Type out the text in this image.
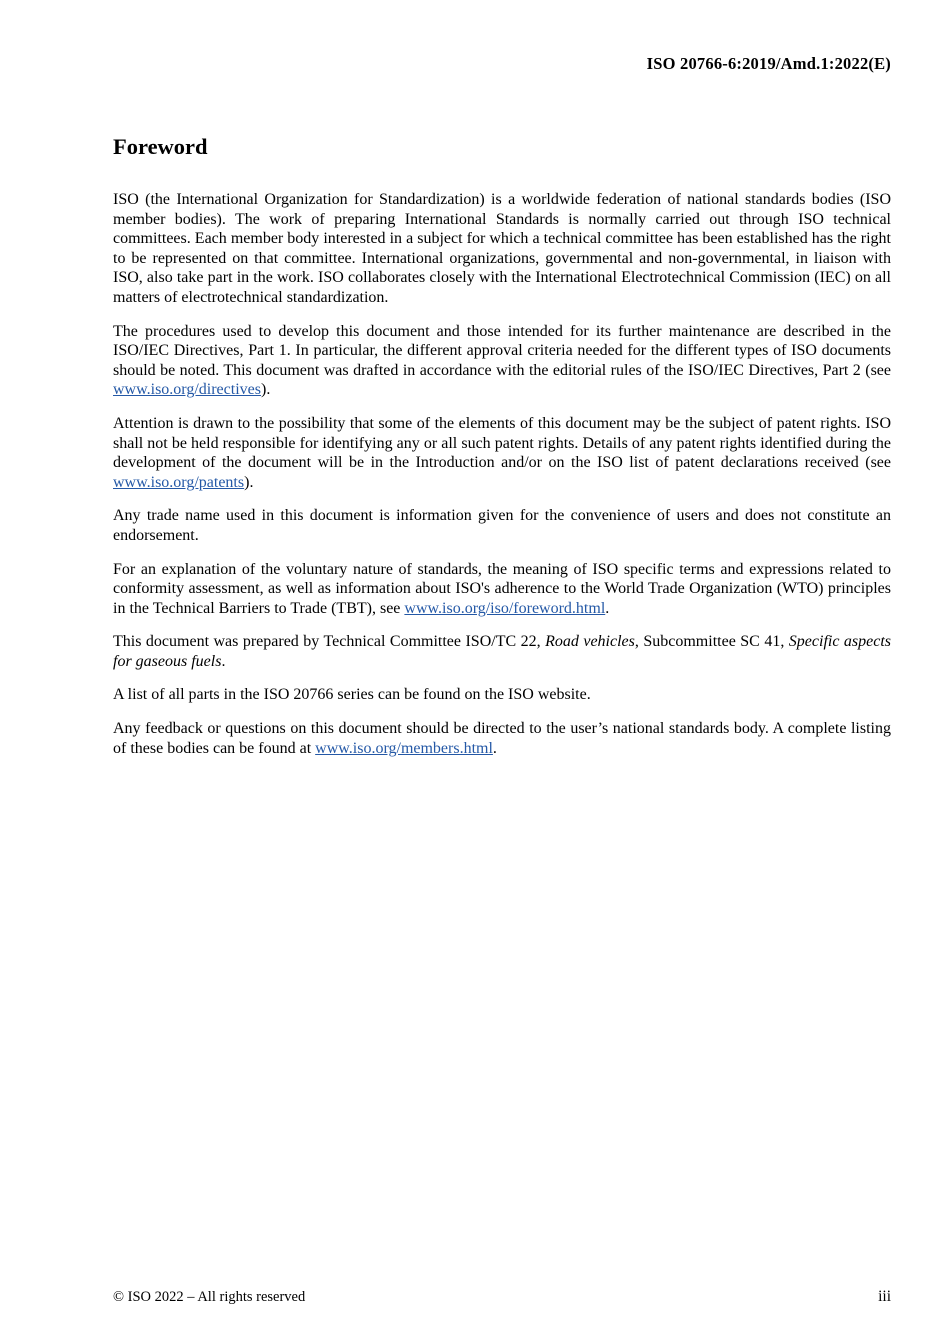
ISO 20766-6:2019/Amd.1:2022(E)
Foreword

ISO (the International Organization for Standardization) is a worldwide federation of national standards bodies (ISO member bodies). The work of preparing International Standards is normally carried out through ISO technical committees. Each member body interested in a subject for which a technical committee has been established has the right to be represented on that committee. International organizations, governmental and non-governmental, in liaison with ISO, also take part in the work. ISO collaborates closely with the International Electrotechnical Commission (IEC) on all matters of electrotechnical standardization.

The procedures used to develop this document and those intended for its further maintenance are described in the ISO/IEC Directives, Part 1. In particular, the different approval criteria needed for the different types of ISO documents should be noted. This document was drafted in accordance with the editorial rules of the ISO/IEC Directives, Part 2 (see www.iso.org/directives).

Attention is drawn to the possibility that some of the elements of this document may be the subject of patent rights. ISO shall not be held responsible for identifying any or all such patent rights. Details of any patent rights identified during the development of the document will be in the Introduction and/or on the ISO list of patent declarations received (see www.iso.org/patents).

Any trade name used in this document is information given for the convenience of users and does not constitute an endorsement.

For an explanation of the voluntary nature of standards, the meaning of ISO specific terms and expressions related to conformity assessment, as well as information about ISO's adherence to the World Trade Organization (WTO) principles in the Technical Barriers to Trade (TBT), see www.iso.org/iso/foreword.html.

This document was prepared by Technical Committee ISO/TC 22, Road vehicles, Subcommittee SC 41, Specific aspects for gaseous fuels.

A list of all parts in the ISO 20766 series can be found on the ISO website.

Any feedback or questions on this document should be directed to the user’s national standards body. A complete listing of these bodies can be found at www.iso.org/members.html.

© ISO 2022 – All rights reserved	iii
